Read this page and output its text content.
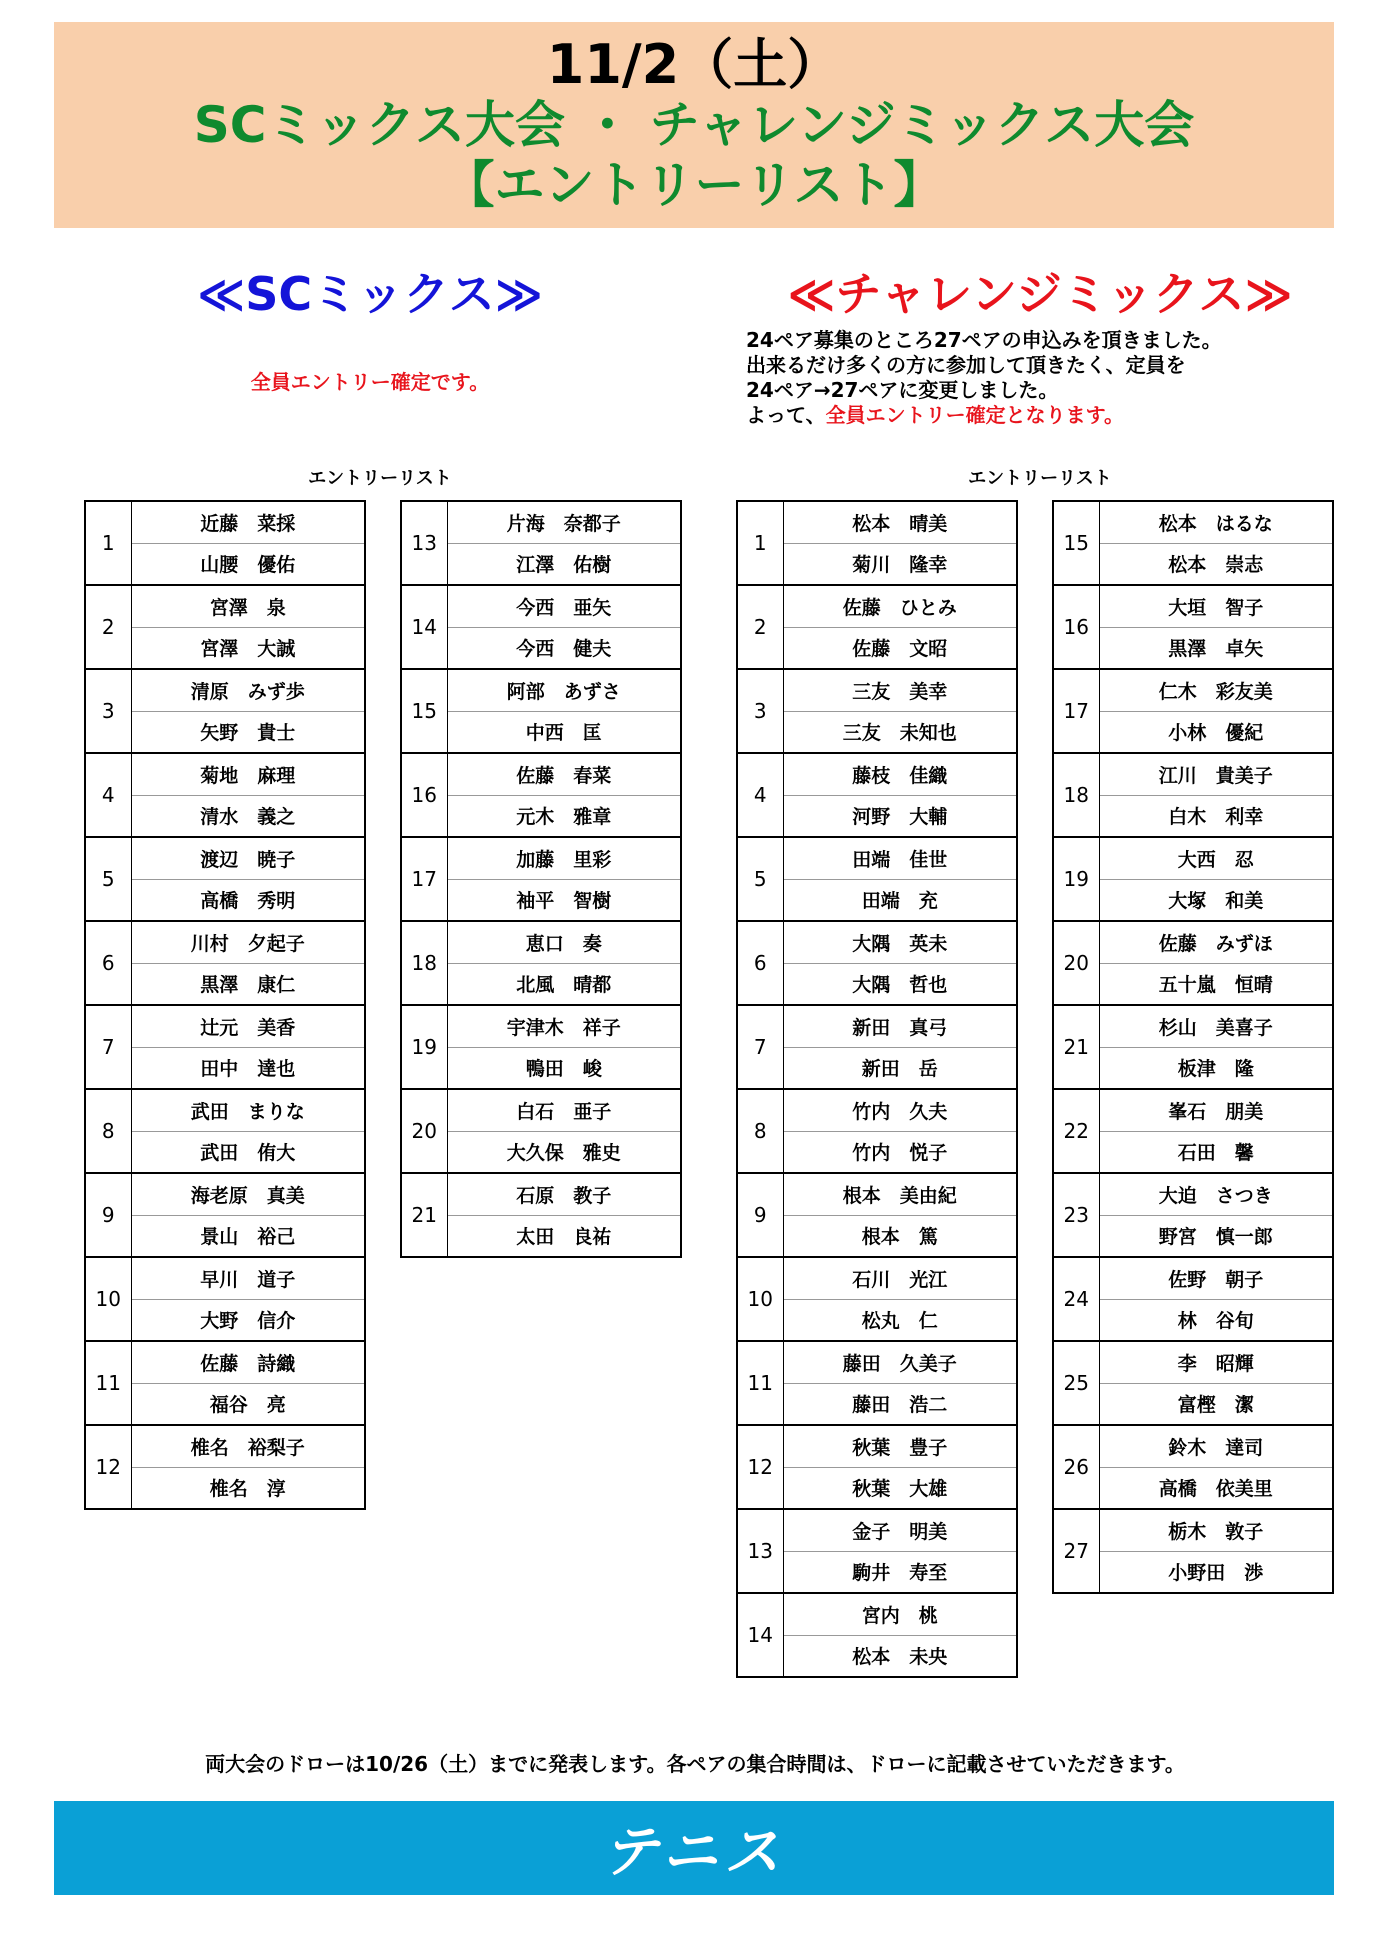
11/2（土）
SCミックス大会 ・ チャレンジミックス大会
【エントリーリスト】
≪SCミックス≫	≪チャレンジミックス≫
全員エントリー確定です。
24ペア募集のところ27ペアの申込みを頂きました。
出来るだけ多くの方に参加して頂きたく、定員を
24ペア→27ペアに変更しました。
よって、全員エントリー確定となります。
エントリーリスト	エントリーリスト
1	近藤　菜採
	山腰　優佑
2	宮澤　泉
	宮澤　大誠
3	清原　みず歩
	矢野　貴士
4	菊地　麻理
	清水　義之
5	渡辺　暁子
	高橋　秀明
6	川村　夕起子
	黒澤　康仁
7	辻元　美香
	田中　達也
8	武田　まりな
	武田　侑大
9	海老原　真美
	景山　裕己
10	早川　道子
	大野　信介
11	佐藤　詩織
	福谷　亮
12	椎名　裕梨子
	椎名　淳
13	片海　奈都子
	江澤　佑樹
14	今西　亜矢
	今西　健夫
15	阿部　あずさ
	中西　匡
16	佐藤　春菜
	元木　雅章
17	加藤　里彩
	袖平　智樹
18	恵口　奏
	北風　晴都
19	宇津木　祥子
	鴨田　峻
20	白石　亜子
	大久保　雅史
21	石原　教子
	太田　良祐
1	松本　晴美
	菊川　隆幸
2	佐藤　ひとみ
	佐藤　文昭
3	三友　美幸
	三友　未知也
4	藤枝　佳織
	河野　大輔
5	田端　佳世
	田端　充
6	大隅　英未
	大隅　哲也
7	新田　真弓
	新田　岳
8	竹内　久夫
	竹内　悦子
9	根本　美由紀
	根本　篤
10	石川　光江
	松丸　仁
11	藤田　久美子
	藤田　浩二
12	秋葉　豊子
	秋葉　大雄
13	金子　明美
	駒井　寿至
14	宮内　桃
	松本　未央
15	松本　はるな
	松本　崇志
16	大垣　智子
	黒澤　卓矢
17	仁木　彩友美
	小林　優紀
18	江川　貴美子
	白木　利幸
19	大西　忍
	大塚　和美
20	佐藤　みずほ
	五十嵐　恒晴
21	杉山　美喜子
	板津　隆
22	峯石　朋美
	石田　馨
23	大迫　さつき
	野宮　慎一郎
24	佐野　朝子
	林　谷旬
25	李　昭輝
	富樫　潔
26	鈴木　達司
	高橋　依美里
27	栃木　敦子
	小野田　渉
両大会のドローは10/26（土）までに発表します。各ペアの集合時間は、ドローに記載させていただきます。
テニス
